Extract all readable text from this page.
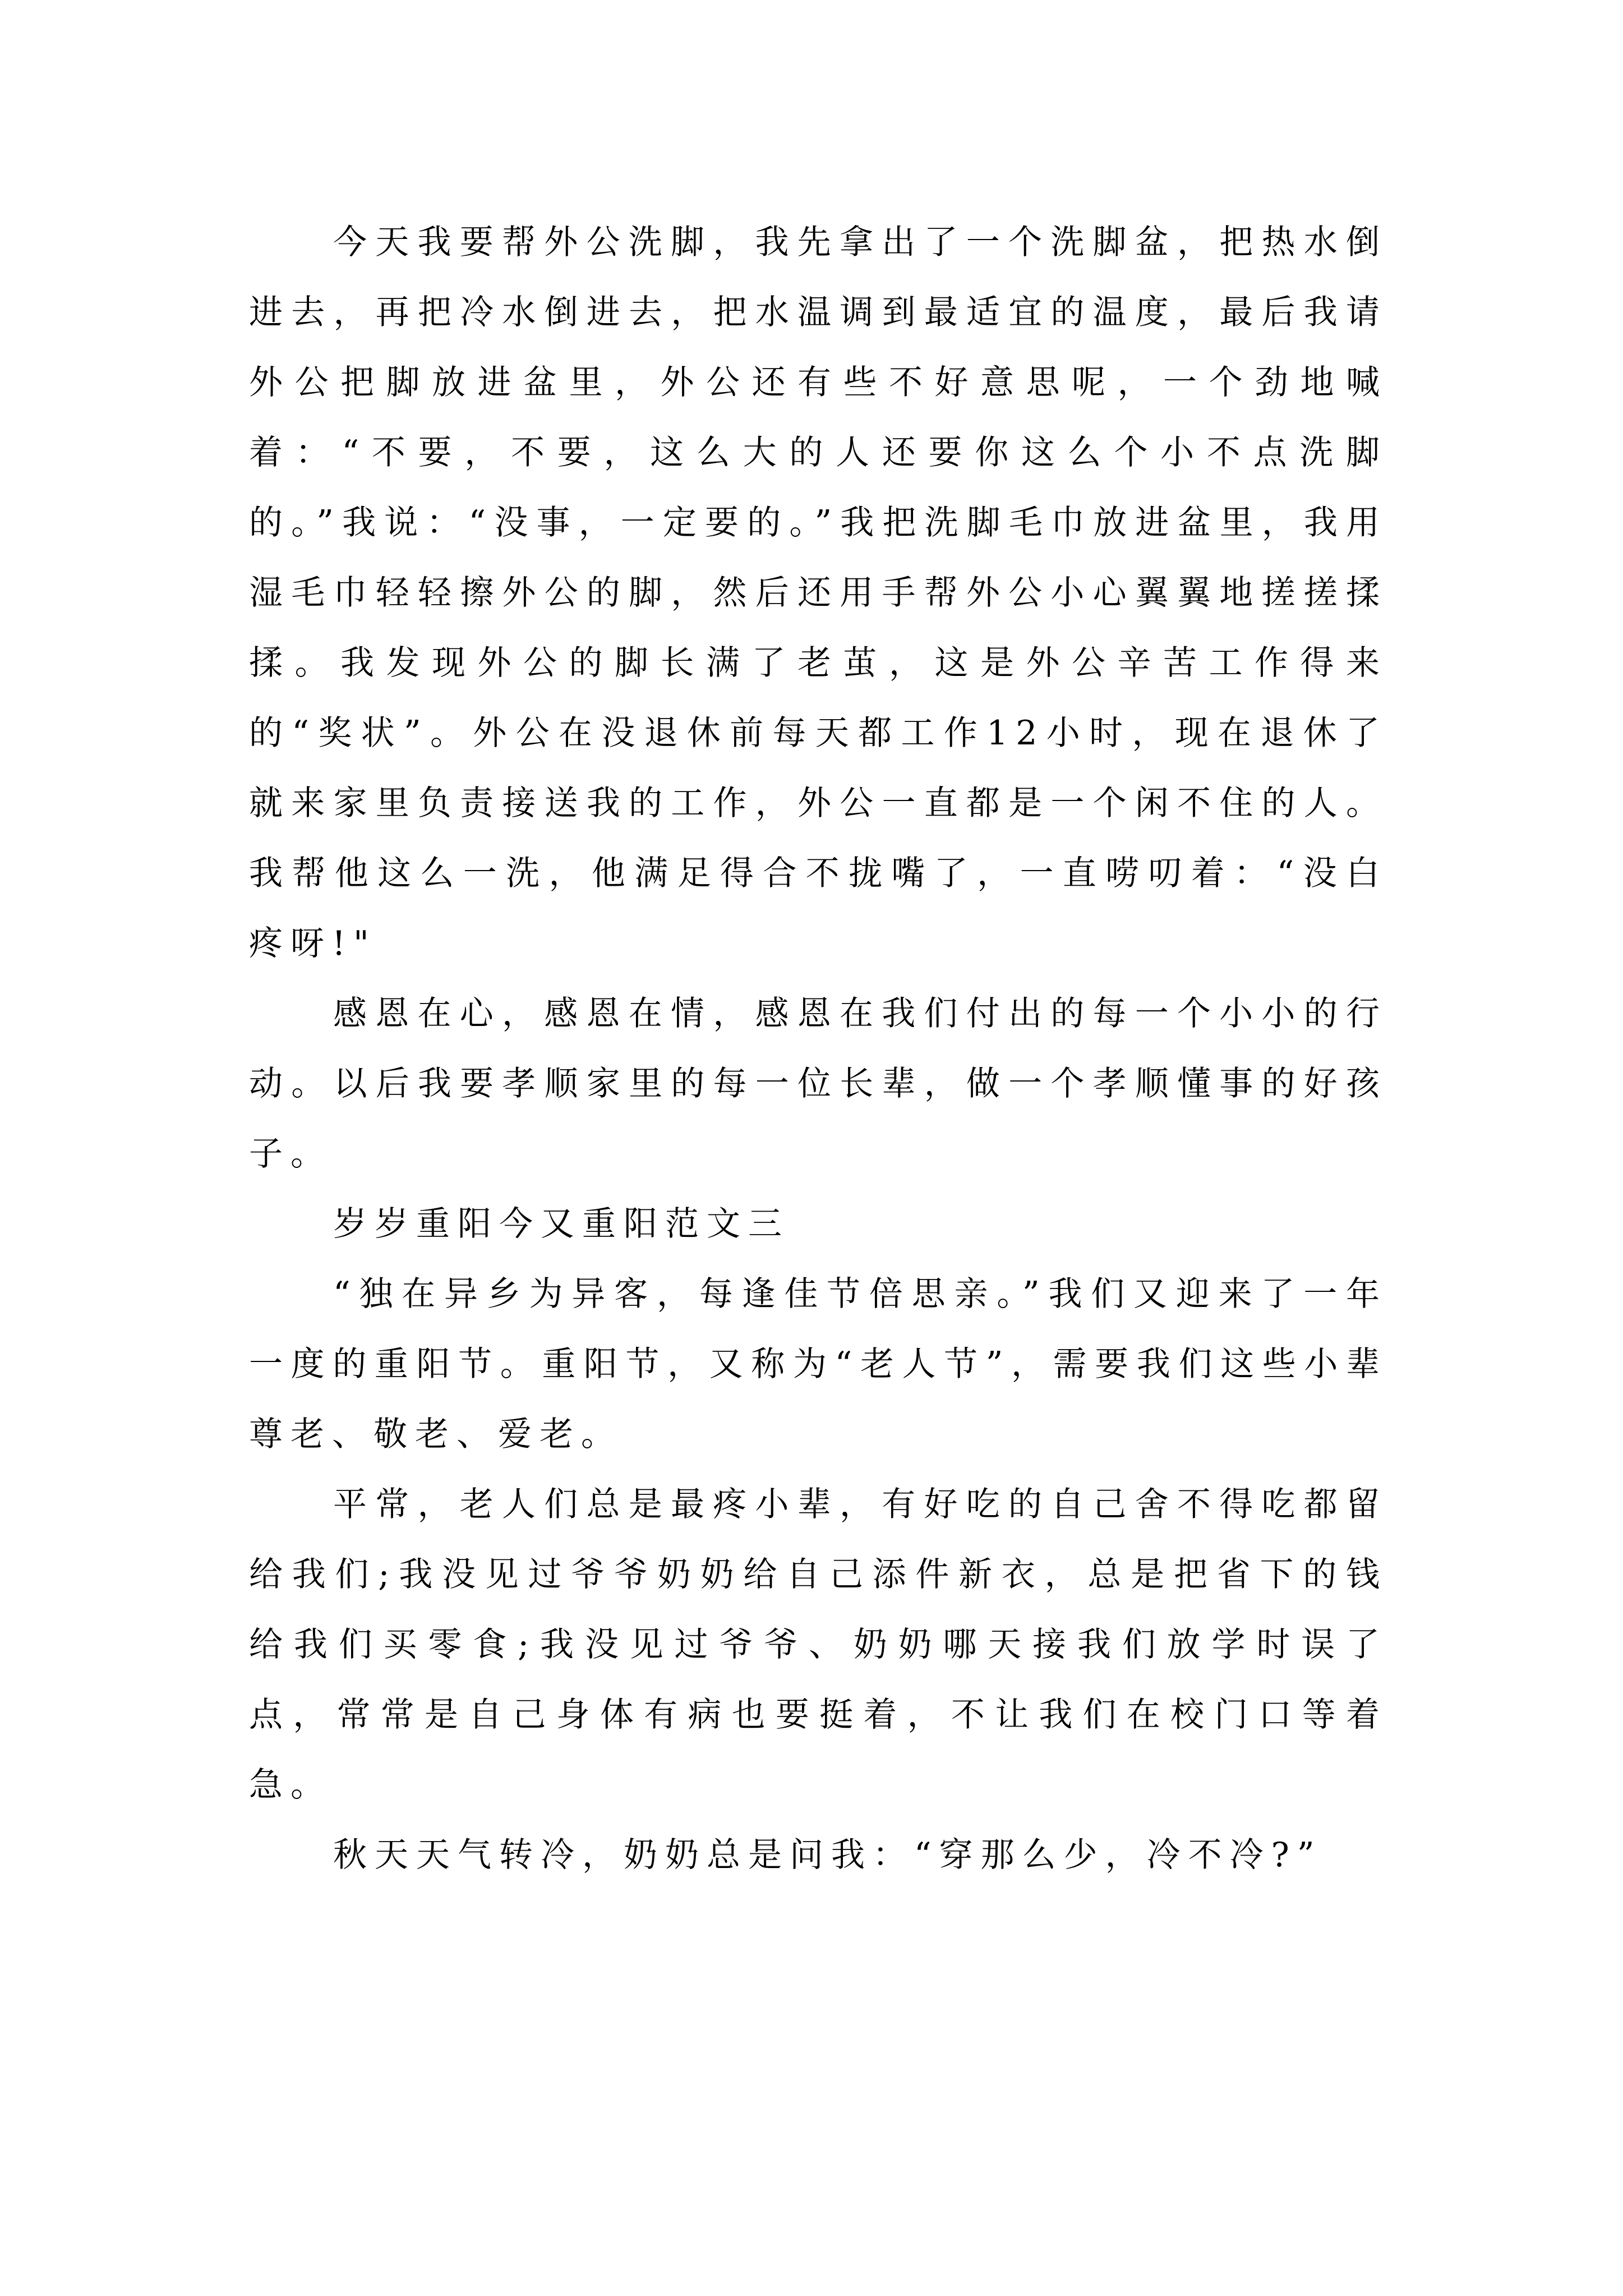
今天我要帮外公洗脚，我先拿出了一个洗脚盆，把热水倒进去，再把冷水倒进去，把水温调到最适宜的温度，最后我请外公把脚放进盆里，外公还有些不好意思呢，一个劲地喊着：“不要，不要，这么大的人还要你这么个小不点洗脚的。”我说：“没事，一定要的。”我把洗脚毛巾放进盆里，我用湿毛巾轻轻擦外公的脚，然后还用手帮外公小心翼翼地搓搓揉揉。我发现外公的脚长满了老茧，这是外公辛苦工作得来的“奖状”。外公在没退休前每天都工作12小时，现在退休了就来家里负责接送我的工作，外公一直都是一个闲不住的人。我帮他这么一洗，他满足得合不拢嘴了，一直唠叨着：“没白疼呀!"

感恩在心，感恩在情，感恩在我们付出的每一个小小的行动。以后我要孝顺家里的每一位长辈，做一个孝顺懂事的好孩子。

岁岁重阳今又重阳范文三

“独在异乡为异客，每逢佳节倍思亲。”我们又迎来了一年一度的重阳节。重阳节，又称为“老人节”，需要我们这些小辈尊老、敬老、爱老。

平常，老人们总是最疼小辈，有好吃的自己舍不得吃都留给我们;我没见过爷爷奶奶给自己添件新衣，总是把省下的钱给我们买零食;我没见过爷爷、奶奶哪天接我们放学时误了点，常常是自己身体有病也要挺着，不让我们在校门口等着急。

秋天天气转冷，奶奶总是问我：“穿那么少，冷不冷?”
